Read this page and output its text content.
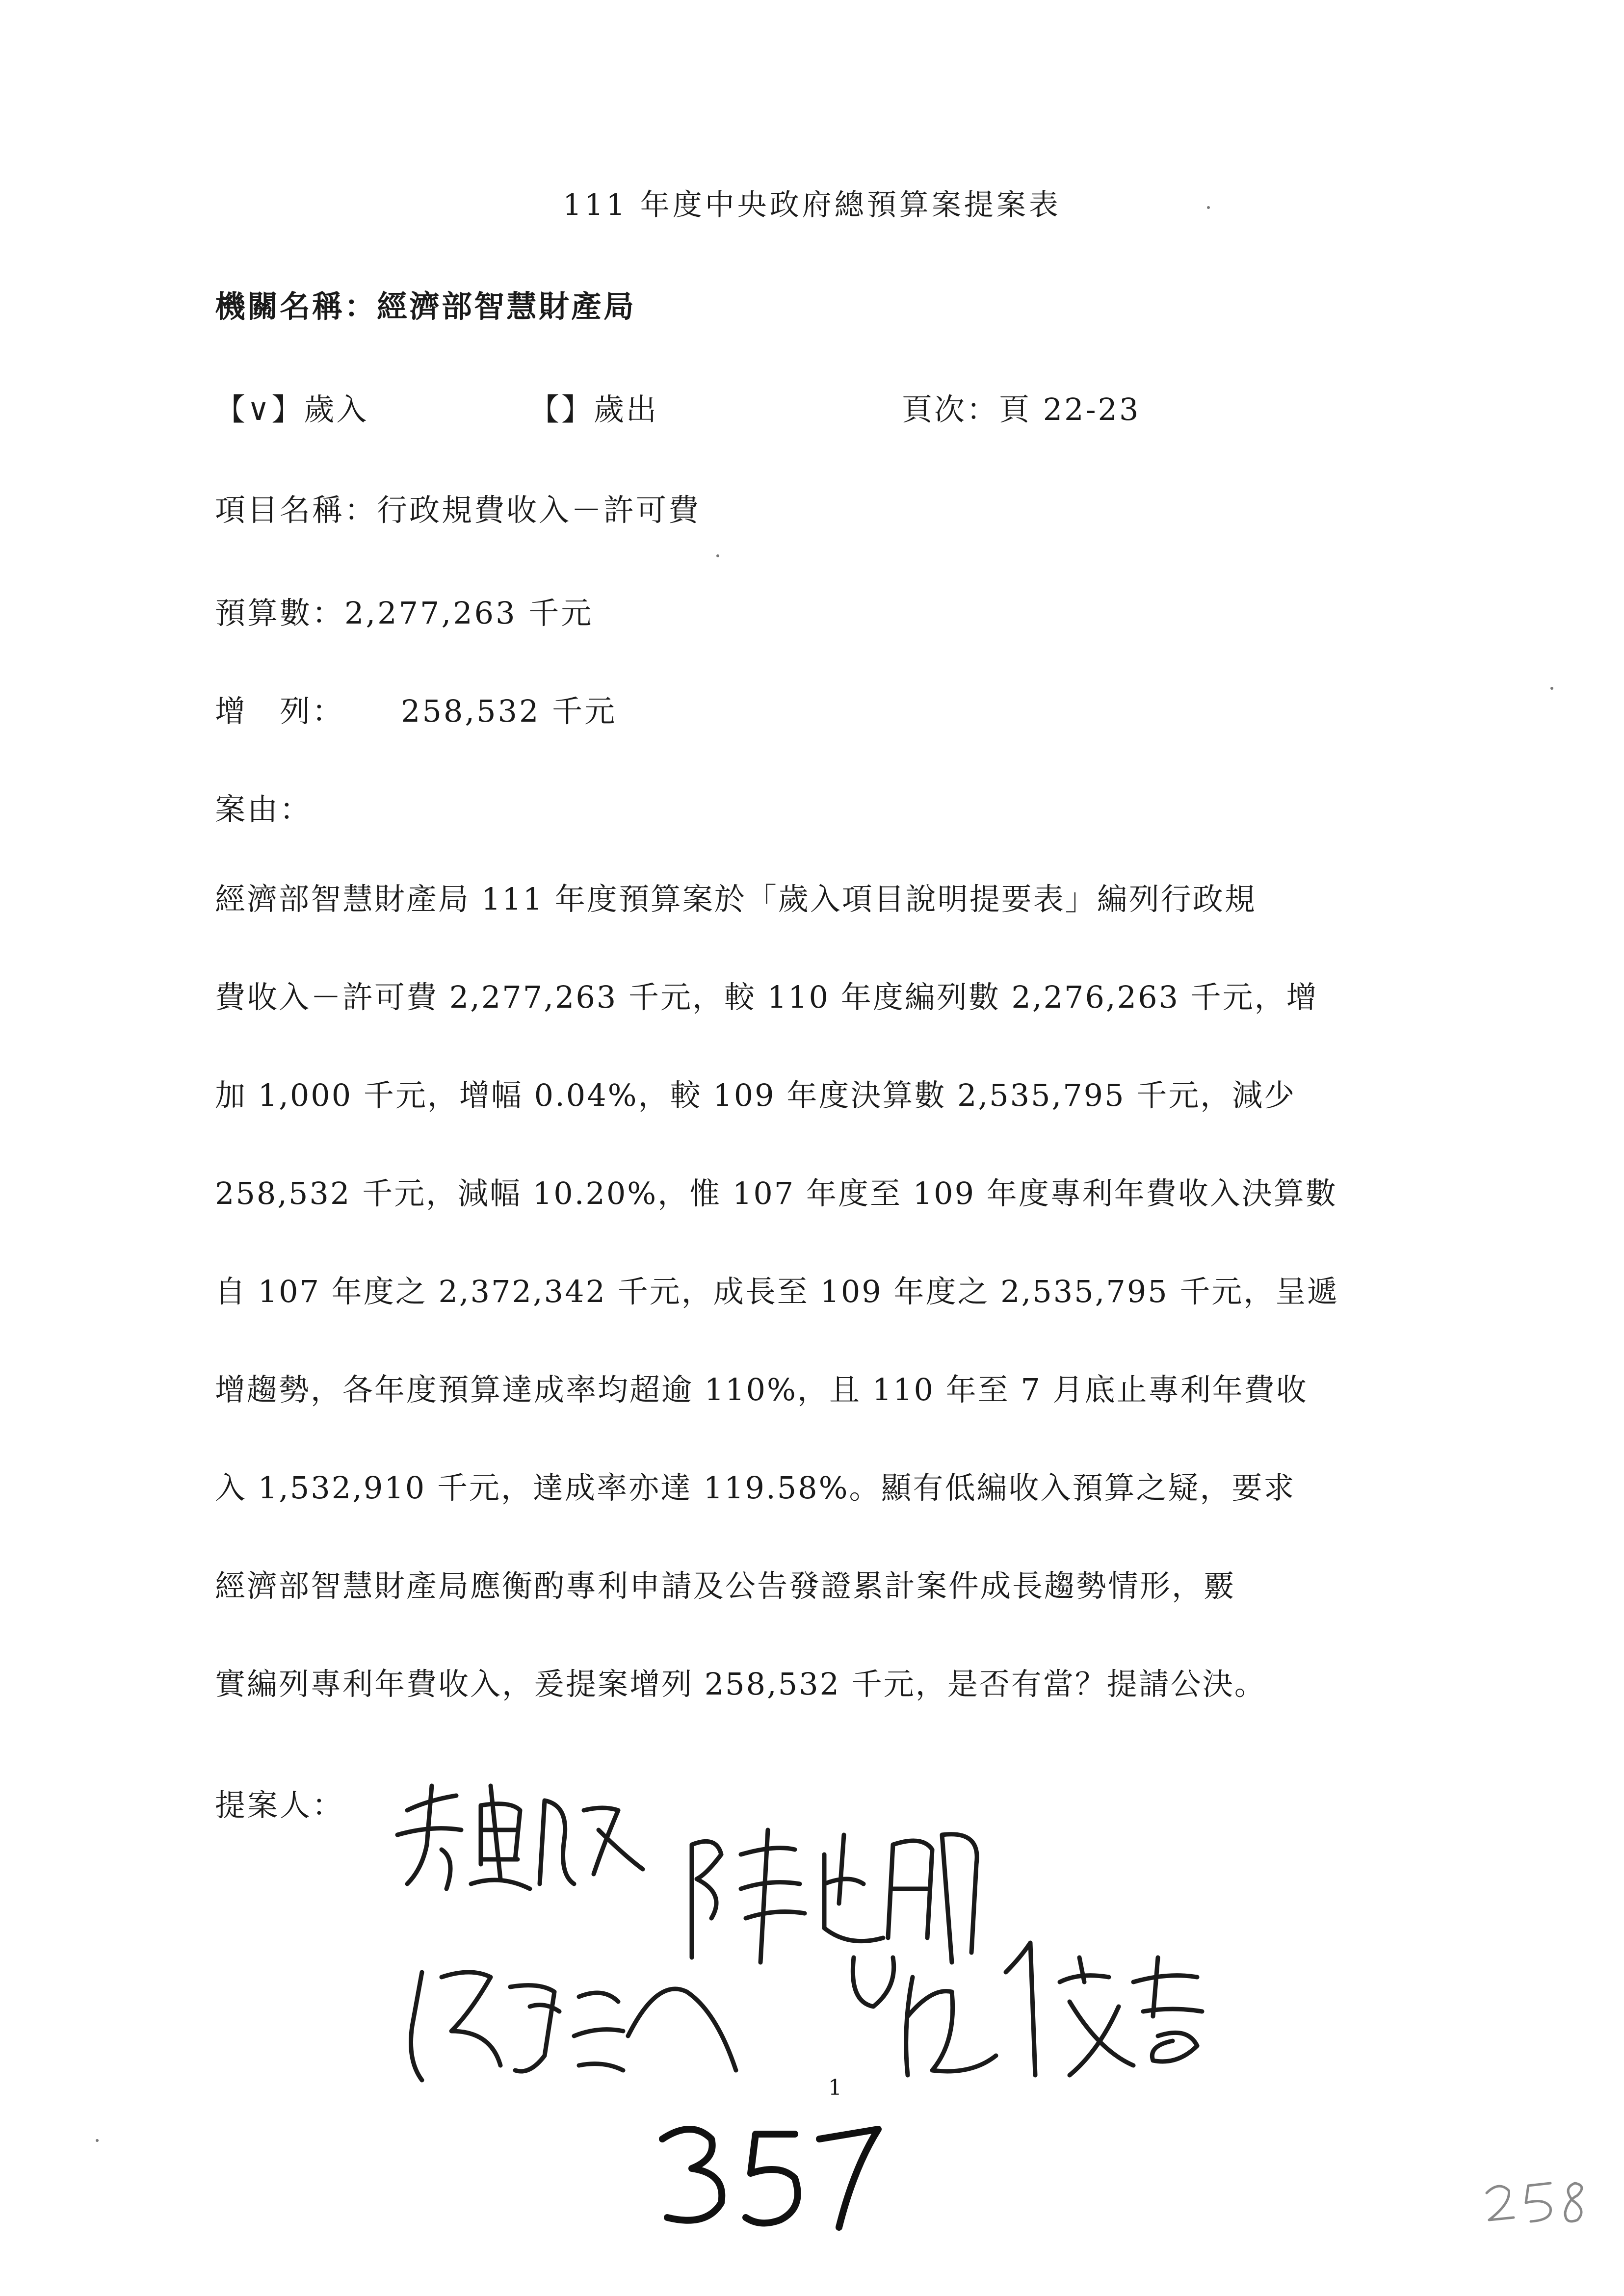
111 年度中央政府總預算案提案表
機關名稱：經濟部智慧財產局
【∨】歲入	【】歲出	頁次：頁 22-23
項目名稱：行政規費收入－許可費
預算數：2,277,263 千元
增　列： 258,532 千元
案由：
經濟部智慧財產局 111 年度預算案於「歲入項目說明提要表」編列行政規
費收入－許可費 2,277,263 千元，較 110 年度編列數 2,276,263 千元，增
加 1,000 千元，增幅 0.04%，較 109 年度決算數 2,535,795 千元，減少
258,532 千元，減幅 10.20%，惟 107 年度至 109 年度專利年費收入決算數
自 107 年度之 2,372,342 千元，成長至 109 年度之 2,535,795 千元，呈遞
增趨勢，各年度預算達成率均超逾 110%，且 110 年至 7 月底止專利年費收
入 1,532,910 千元，達成率亦達 119.58%。顯有低編收入預算之疑，要求
經濟部智慧財產局應衡酌專利申請及公告發證累計案件成長趨勢情形，覈
實編列專利年費收入，爰提案增列 258,532 千元，是否有當？提請公決。
提案人：
1
